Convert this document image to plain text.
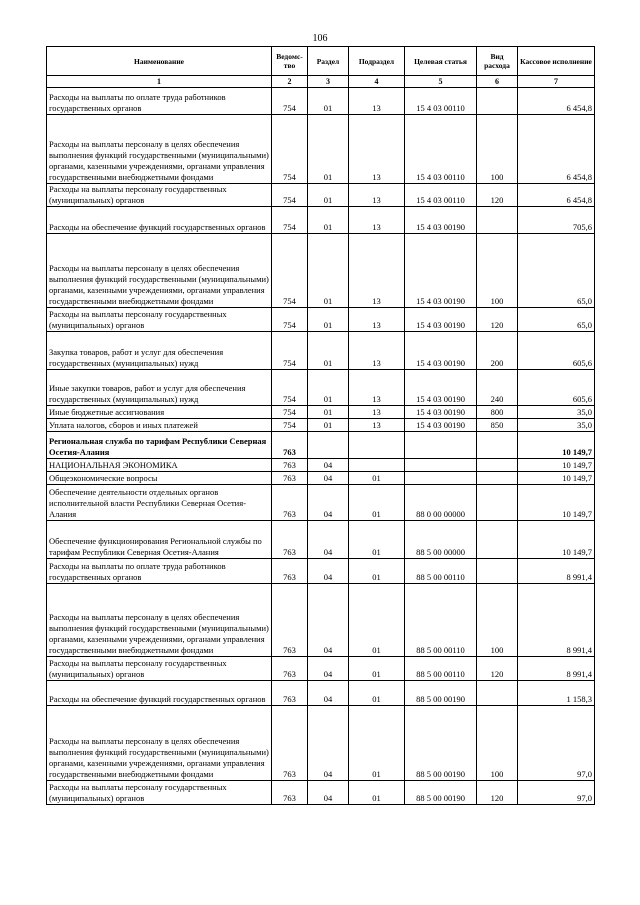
106
Наименование	Ведомс-тво	Раздел	Подраздел	Целевая статья	Вид расхода	Кассовое исполнение
1	2	3	4	5	6	7
Расходы на выплаты по оплате труда работников государственных органов	754	01	13	15 4 03 00110		6 454,8
Расходы на выплаты персоналу в целях обеспечения выполнения функций государственными (муниципальными) органами, казенными учреждениями, органами управления государственными внебюджетными фондами	754	01	13	15 4 03 00110	100	6 454,8
Расходы на выплаты персоналу государственных (муниципальных) органов	754	01	13	15 4 03 00110	120	6 454,8
Расходы на обеспечение функций государственных органов	754	01	13	15 4 03 00190		705,6
Расходы на выплаты персоналу в целях обеспечения выполнения функций государственными (муниципальными) органами, казенными учреждениями, органами управления государственными внебюджетными фондами	754	01	13	15 4 03 00190	100	65,0
Расходы на выплаты персоналу государственных (муниципальных) органов	754	01	13	15 4 03 00190	120	65,0
Закупка товаров, работ и услуг для обеспечения государственных (муниципальных) нужд	754	01	13	15 4 03 00190	200	605,6
Иные закупки товаров, работ и услуг для обеспечения государственных (муниципальных) нужд	754	01	13	15 4 03 00190	240	605,6
Иные бюджетные ассигнования	754	01	13	15 4 03 00190	800	35,0
Уплата налогов, сборов и иных платежей	754	01	13	15 4 03 00190	850	35,0
Региональная служба по тарифам Республики Северная Осетия-Алания	763					10 149,7
НАЦИОНАЛЬНАЯ ЭКОНОМИКА	763	04				10 149,7
Общеэкономические вопросы	763	04	01			10 149,7
Обеспечение деятельности отдельных органов исполнительной власти Республики Северная Осетия-Алания	763	04	01	88 0 00 00000		10 149,7
Обеспечение функционирования Региональной службы по тарифам Республики Северная Осетия-Алания	763	04	01	88 5 00 00000		10 149,7
Расходы на выплаты по оплате труда работников государственных органов	763	04	01	88 5 00 00110		8 991,4
Расходы на выплаты персоналу в целях обеспечения выполнения функций государственными (муниципальными) органами, казенными учреждениями, органами управления государственными внебюджетными фондами	763	04	01	88 5 00 00110	100	8 991,4
Расходы на выплаты персоналу государственных (муниципальных) органов	763	04	01	88 5 00 00110	120	8 991,4
Расходы на обеспечение функций государственных органов	763	04	01	88 5 00 00190		1 158,3
Расходы на выплаты персоналу в целях обеспечения выполнения функций государственными (муниципальными) органами, казенными учреждениями, органами управления государственными внебюджетными фондами	763	04	01	88 5 00 00190	100	97,0
Расходы на выплаты персоналу государственных (муниципальных) органов	763	04	01	88 5 00 00190	120	97,0
